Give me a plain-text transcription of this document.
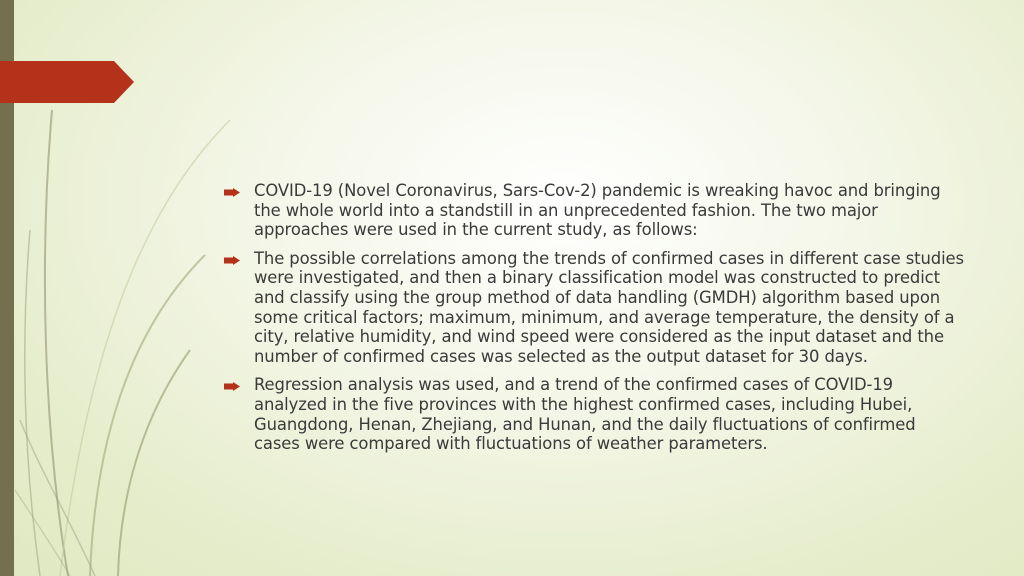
COVID-19 (Novel Coronavirus, Sars-Cov-2) pandemic is wreaking havoc and bringing the whole world into a standstill in an unprecedented fashion. The two major approaches were used in the current study, as follows:
The possible correlations among the trends of confirmed cases in different case studies were investigated, and then a binary classification model was constructed to predict and classify using the group method of data handling (GMDH) algorithm based upon some critical factors; maximum, minimum, and average temperature, the density of a city, relative humidity, and wind speed were considered as the input dataset and the number of confirmed cases was selected as the output dataset for 30 days.
Regression analysis was used, and a trend of the confirmed cases of COVID-19 analyzed in the five provinces with the highest confirmed cases, including Hubei, Guangdong, Henan, Zhejiang, and Hunan, and the daily fluctuations of confirmed cases were compared with fluctuations of weather parameters.
